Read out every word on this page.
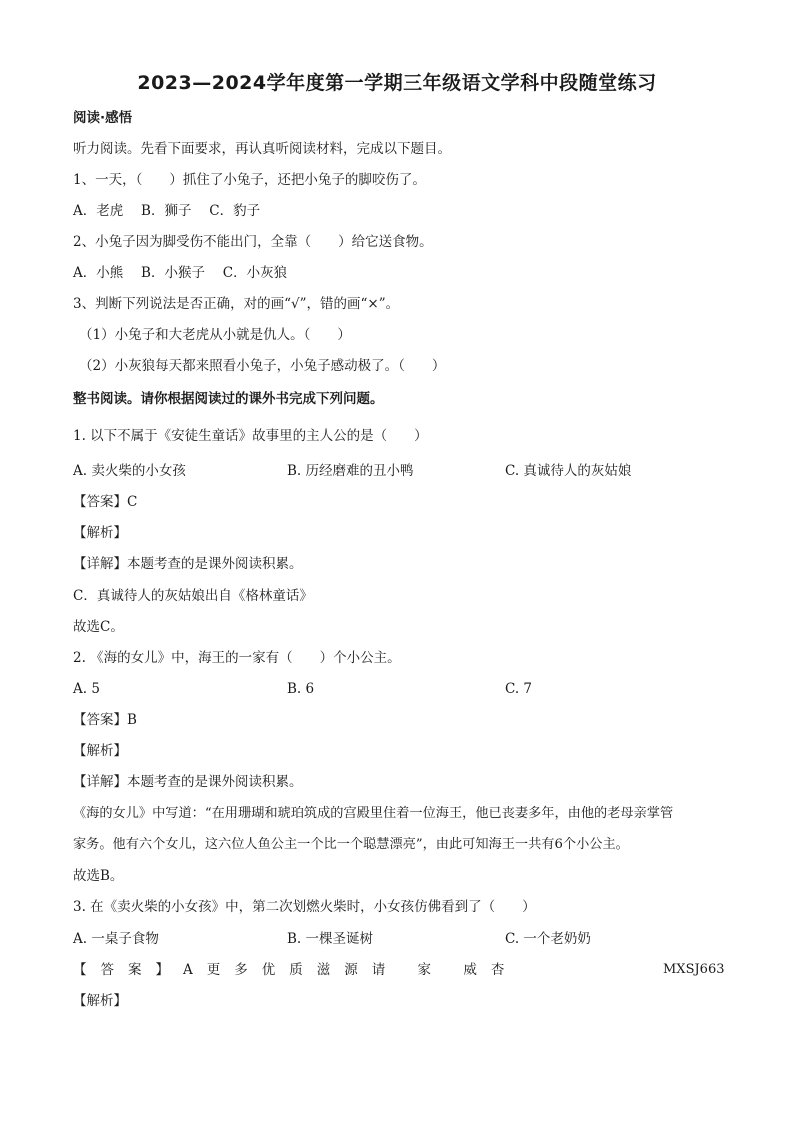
2023—2024学年度第一学期三年级语文学科中段随堂练习
阅读·感悟
听力阅读。先看下面要求，再认真听阅读材料，完成以下题目。
1、一天，（　　）抓住了小兔子，还把小兔子的脚咬伤了。
A．老虎　 B．狮子　 C．豹子
2、小兔子因为脚受伤不能出门，全靠（　　）给它送食物。
A．小熊　 B．小猴子　 C．小灰狼
3、判断下列说法是否正确，对的画“√”，错的画“×”。
（1）小兔子和大老虎从小就是仇人。（　　）
（2）小灰狼每天都来照看小兔子，小兔子感动极了。（　　）
整书阅读。请你根据阅读过的课外书完成下列问题。
1. 以下不属于《安徒生童话》故事里的主人公的是（　　）
A. 卖火柴的小女孩	B. 历经磨难的丑小鸭	C. 真诚待人的灰姑娘
【答案】C
【解析】
【详解】本题考查的是课外阅读积累。
C．真诚待人的灰姑娘出自《格林童话》
故选C。
2. 《海的女儿》中，海王的一家有（　　）个小公主。
A. 5	B. 6	C. 7
【答案】B
【解析】
【详解】本题考查的是课外阅读积累。
《海的女儿》中写道：“在用珊瑚和琥珀筑成的宫殿里住着一位海王，他已丧妻多年，由他的老母亲掌管
家务。他有六个女儿，这六位人鱼公主一个比一个聪慧漂亮”，由此可知海王一共有6个小公主。
故选B。
3. 在《卖火柴的小女孩》中，第二次划燃火柴时，小女孩仿佛看到了（　　）
A. 一桌子食物	B. 一棵圣诞树	C. 一个老奶奶
【答案】A更多优质滋源请 家 威杏	MXSJ663
【解析】
